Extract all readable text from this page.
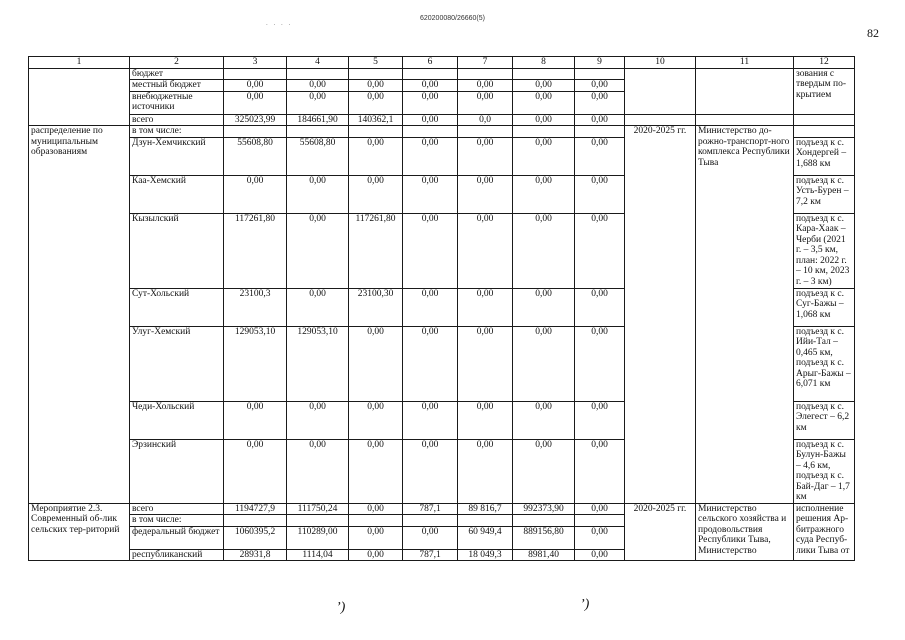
. . . .
620200080/26660(5)
82
1	2	3	4	5	6	7	8	9	10	11	12
	бюджет										зования с твердым по-крытием
	местный бюджет	0,00	0,00	0,00	0,00	0,00	0,00	0,00			
	внебюджетные источники	0,00	0,00	0,00	0,00	0,00	0,00	0,00			
	всего	325023,99	184661,90	140362,1	0,00	0,0	0,00	0,00			
распределение по муниципальным образованиям	в том числе:								2020-2025 гг.	Министерство до-рожно-транспорт-ного комплекса Республики Тыва	
	Дзун-Хемчикский	55608,80	55608,80	0,00	0,00	0,00	0,00	0,00			подъезд к с. Хондергей – 1,688 км
	Каа-Хемский	0,00	0,00	0,00	0,00	0,00	0,00	0,00			подъезд к с. Усть-Бурен – 7,2 км
	Кызылский	117261,80	0,00	117261,80	0,00	0,00	0,00	0,00			подъезд к с. Кара-Хаак – Черби (2021 г. – 3,5 км, план: 2022 г. – 10 км, 2023 г. – 3 км)
	Сут-Хольский	23100,3	0,00	23100,30	0,00	0,00	0,00	0,00			подъезд к с. Суг-Бажы – 1,068 км
	Улуг-Хемский	129053,10	129053,10	0,00	0,00	0,00	0,00	0,00			подъезд к с. Ийи-Тал – 0,465 км, подъезд к с. Арыг-Бажы – 6,071 км
	Чеди-Хольский	0,00	0,00	0,00	0,00	0,00	0,00	0,00			подъезд к с. Элегест – 6,2 км
	Эрзинский	0,00	0,00	0,00	0,00	0,00	0,00	0,00			подъезд к с. Булун-Бажы – 4,6 км, подъезд к с. Бай-Даг – 1,7 км
Мероприятие 2.3. Современный об-лик сельских тер-риторий	всего	1194727,9	111750,24	0,00	787,1	89 816,7	992373,90	0,00	2020-2025 гг.	Министерство сельского хозяйства и продовольствия Республики Тыва, Министерство	исполнение решения Ар-битражного суда Респуб-лики Тыва от
	в том числе:										
	федеральный бюджет	1060395,2	110289,00	0,00	0,00	60 949,4	889156,80	0,00			
	республиканский	28931,8	1114,04	0,00	787,1	18 049,3	8981,40	0,00			
’)	’)
